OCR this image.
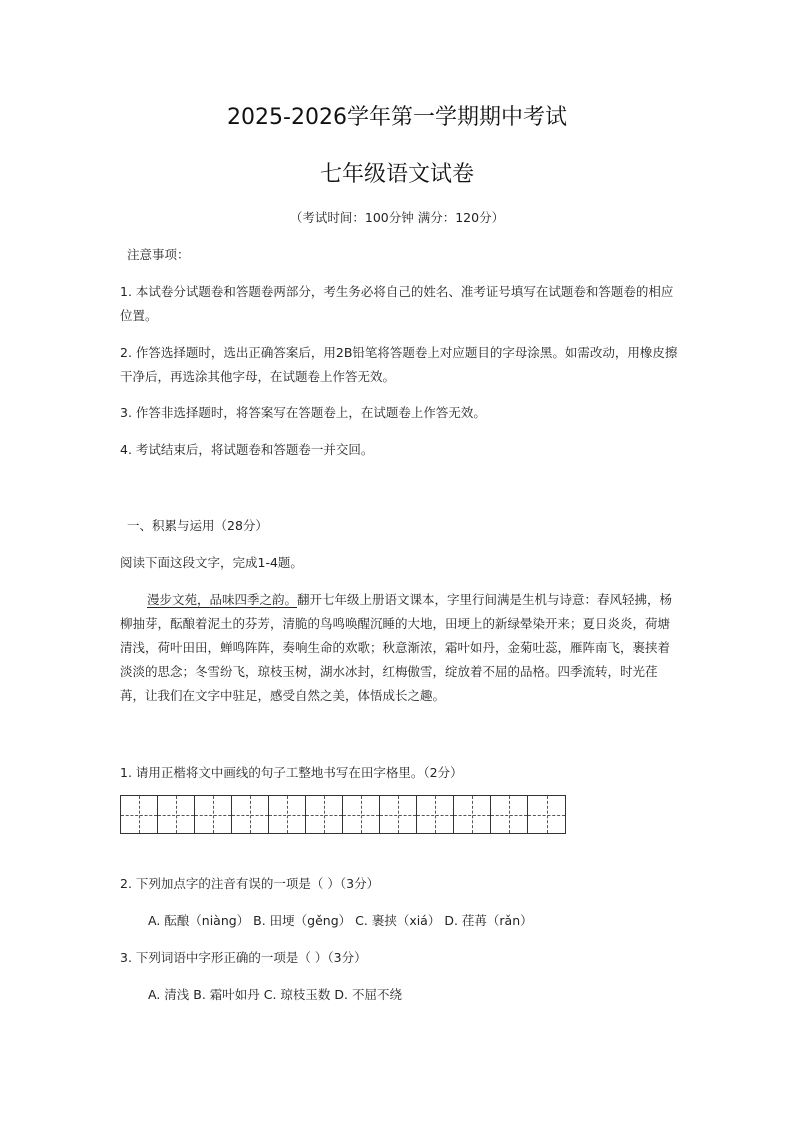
2025-2026学年第一学期期中考试
七年级语文试卷
（考试时间：100分钟 满分：120分）
注意事项：
1. 本试卷分试题卷和答题卷两部分，考生务必将自己的姓名、准考证号填写在试题卷和答题卷的相应位置。
2. 作答选择题时，选出正确答案后，用2B铅笔将答题卷上对应题目的字母涂黑。如需改动，用橡皮擦干净后，再选涂其他字母，在试题卷上作答无效。
3. 作答非选择题时，将答案写在答题卷上，在试题卷上作答无效。
4. 考试结束后，将试题卷和答题卷一并交回。
一、积累与运用（28分）
阅读下面这段文字，完成1-4题。
漫步文苑，品味四季之韵。翻开七年级上册语文课本，字里行间满是生机与诗意：春风轻拂，杨柳抽芽，酝酿着泥土的芬芳，清脆的鸟鸣唤醒沉睡的大地，田埂上的新绿晕染开来；夏日炎炎，荷塘清浅，荷叶田田，蝉鸣阵阵，奏响生命的欢歌；秋意渐浓，霜叶如丹，金菊吐蕊，雁阵南飞，裹挟着淡淡的思念；冬雪纷飞，琼枝玉树，湖水冰封，红梅傲雪，绽放着不屈的品格。四季流转，时光荏苒，让我们在文字中驻足，感受自然之美，体悟成长之趣。
1. 请用正楷将文中画线的句子工整地书写在田字格里。（2分）
2. 下列加点字的注音有误的一项是（ ）（3分）
A. 酝酿（niàng） B. 田埂（gěng） C. 裹挟（xiá） D. 荏苒（rǎn）
3. 下列词语中字形正确的一项是（ ）（3分）
A. 清浅 B. 霜叶如丹 C. 琼枝玉数 D. 不屈不绕
